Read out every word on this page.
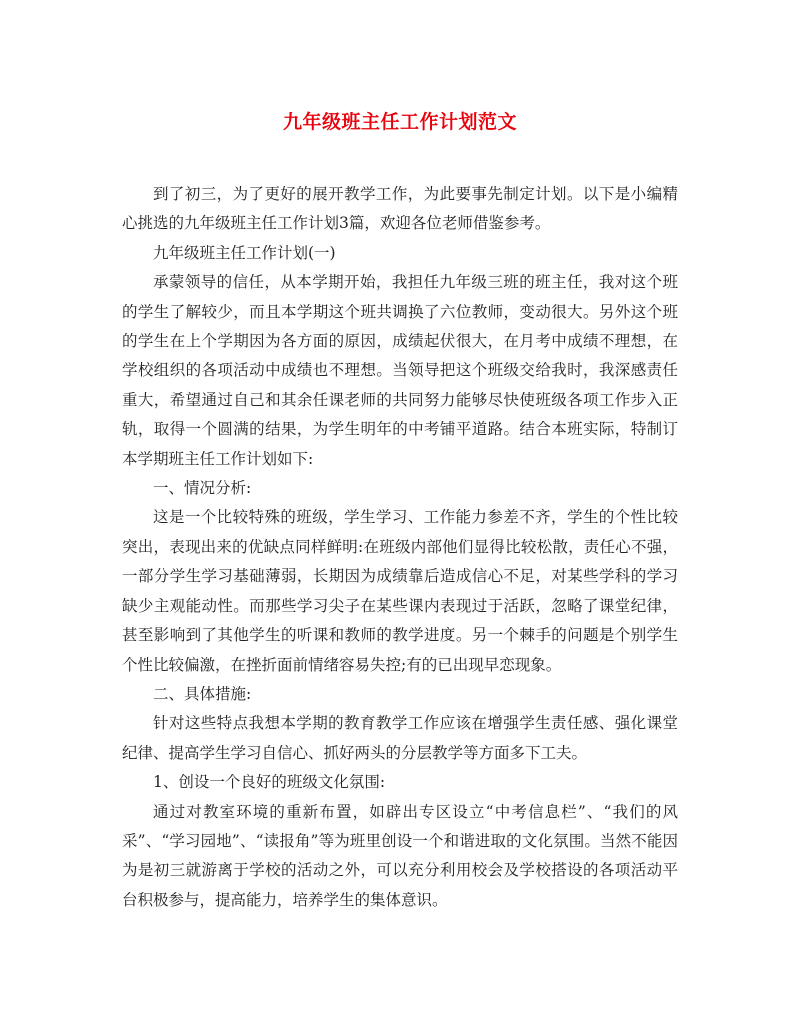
九年级班主任工作计划范文

到了初三，为了更好的展开教学工作，为此要事先制定计划。以下是小编精心挑选的九年级班主任工作计划3篇，欢迎各位老师借鉴参考。

九年级班主任工作计划(一)

承蒙领导的信任，从本学期开始，我担任九年级三班的班主任，我对这个班的学生了解较少，而且本学期这个班共调换了六位教师，变动很大。另外这个班的学生在上个学期因为各方面的原因，成绩起伏很大，在月考中成绩不理想，在学校组织的各项活动中成绩也不理想。当领导把这个班级交给我时，我深感责任重大，希望通过自己和其余任课老师的共同努力能够尽快使班级各项工作步入正轨，取得一个圆满的结果，为学生明年的中考铺平道路。结合本班实际，特制订本学期班主任工作计划如下:

一、情况分析:

这是一个比较特殊的班级，学生学习、工作能力参差不齐，学生的个性比较突出，表现出来的优缺点同样鲜明:在班级内部他们显得比较松散，责任心不强，一部分学生学习基础薄弱，长期因为成绩靠后造成信心不足，对某些学科的学习缺少主观能动性。而那些学习尖子在某些课内表现过于活跃，忽略了课堂纪律，甚至影响到了其他学生的听课和教师的教学进度。另一个棘手的问题是个别学生个性比较偏激，在挫折面前情绪容易失控;有的已出现早恋现象。

二、具体措施:

针对这些特点我想本学期的教育教学工作应该在增强学生责任感、强化课堂纪律、提高学生学习自信心、抓好两头的分层教学等方面多下工夫。

1、创设一个良好的班级文化氛围:

通过对教室环境的重新布置，如辟出专区设立“中考信息栏”、“我们的风采”、“学习园地”、“读报角”等为班里创设一个和谐进取的文化氛围。当然不能因为是初三就游离于学校的活动之外，可以充分利用校会及学校搭设的各项活动平台积极参与，提高能力，培养学生的集体意识。
